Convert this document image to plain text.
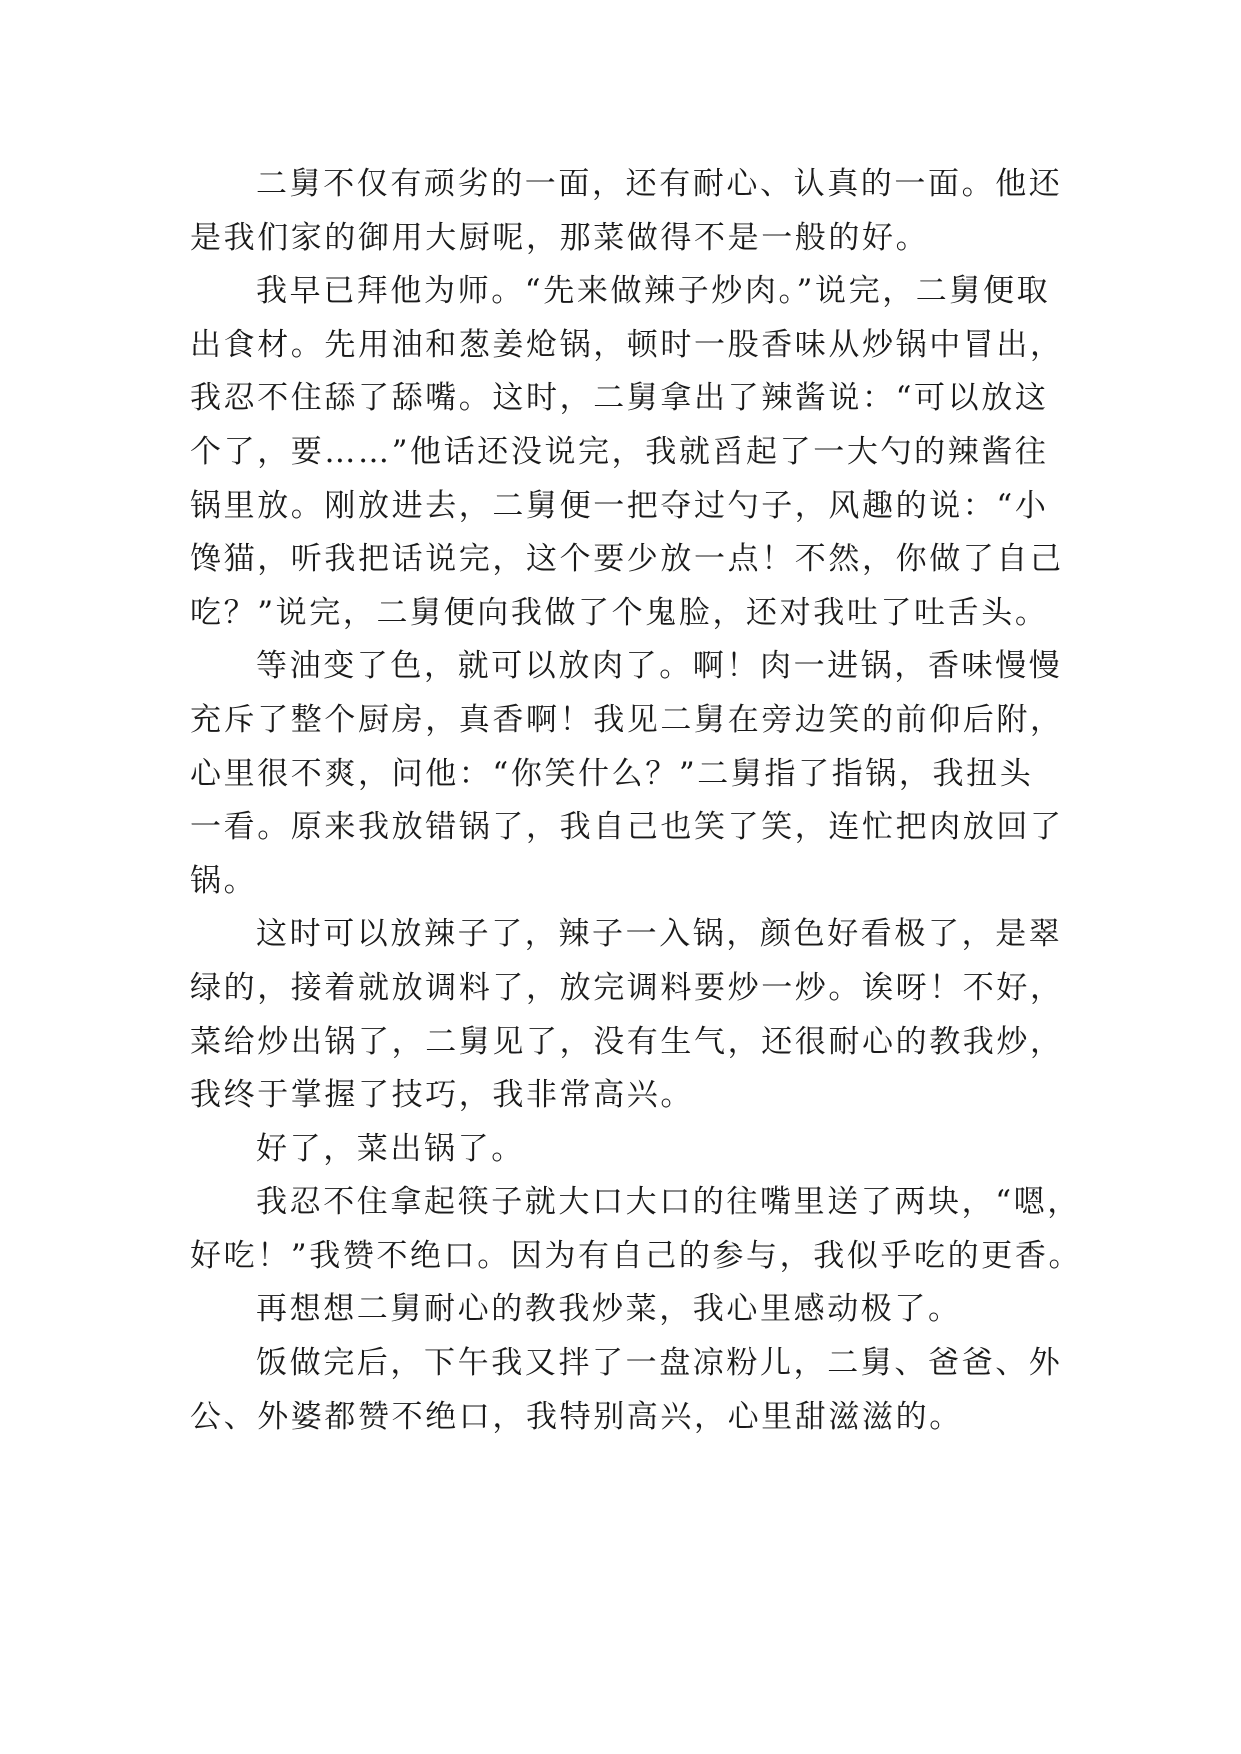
二舅不仅有顽劣的一面，还有耐心、认真的一面。他还
是我们家的御用大厨呢，那菜做得不是一般的好。
我早已拜他为师。“先来做辣子炒肉。”说完，二舅便取
出食材。先用油和葱姜炝锅，顿时一股香味从炒锅中冒出，
我忍不住舔了舔嘴。这时，二舅拿出了辣酱说：“可以放这
个了，要……”他话还没说完，我就舀起了一大勺的辣酱往
锅里放。刚放进去，二舅便一把夺过勺子，风趣的说：“小
馋猫，听我把话说完，这个要少放一点！不然，你做了自己
吃？”说完，二舅便向我做了个鬼脸，还对我吐了吐舌头。
等油变了色，就可以放肉了。啊！肉一进锅，香味慢慢
充斥了整个厨房，真香啊！我见二舅在旁边笑的前仰后附，
心里很不爽，问他：“你笑什么？”二舅指了指锅，我扭头
一看。原来我放错锅了，我自己也笑了笑，连忙把肉放回了
锅。
这时可以放辣子了，辣子一入锅，颜色好看极了，是翠
绿的，接着就放调料了，放完调料要炒一炒。诶呀！不好，
菜给炒出锅了，二舅见了，没有生气，还很耐心的教我炒，
我终于掌握了技巧，我非常高兴。
好了，菜出锅了。
我忍不住拿起筷子就大口大口的往嘴里送了两块，“嗯，
好吃！”我赞不绝口。因为有自己的参与，我似乎吃的更香。
再想想二舅耐心的教我炒菜，我心里感动极了。
饭做完后，下午我又拌了一盘凉粉儿，二舅、爸爸、外
公、外婆都赞不绝口，我特别高兴，心里甜滋滋的。
